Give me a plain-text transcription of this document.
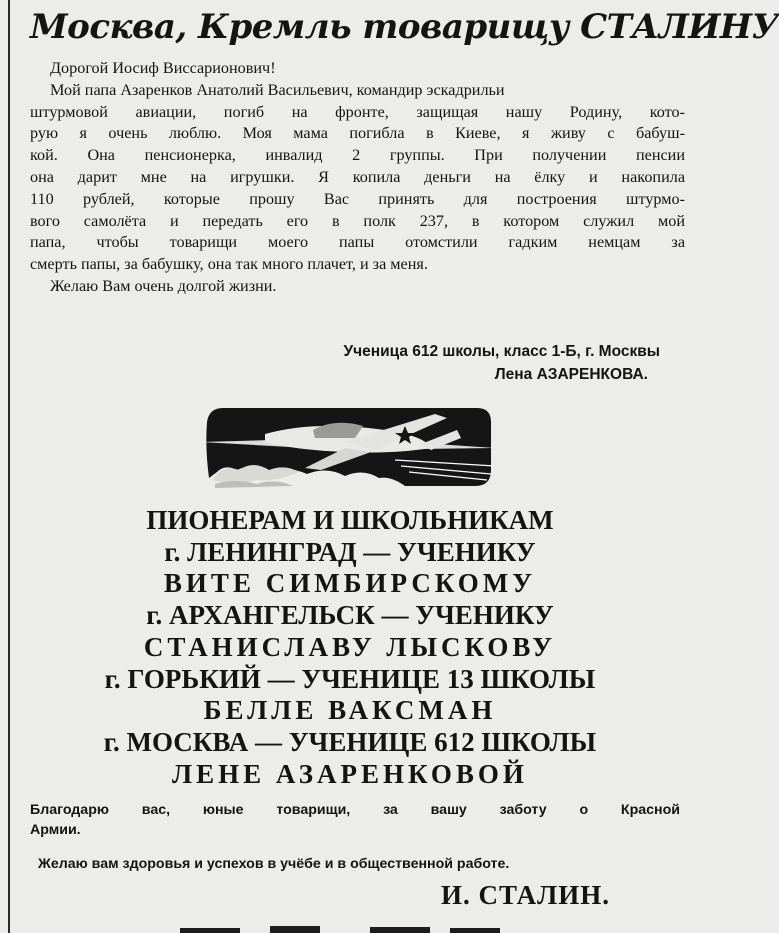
Москва, Кремль товарищу СТАЛИНУ
Дорогой Иосиф Виссарионович!
Мой папа Азаренков Анатолий Васильевич, командир эскадрильи
штурмовой авиации, погиб на фронте, защищая нашу Родину, кото-
рую я очень люблю. Моя мама погибла в Киеве, я живу с бабуш-
кой. Она пенсионерка, инвалид 2 группы. При получении пенсии
она дарит мне на игрушки. Я копила деньги на ёлку и накопила
110 рублей, которые прошу Вас принять для построения штурмо-
вого самолёта и передать его в полк 237, в котором служил мой
папа, чтобы товарищи моего папы отомстили гадким немцам за
смерть папы, за бабушку, она так много плачет, и за меня.
Желаю Вам очень долгой жизни.
Ученица 612 школы, класс 1-Б, г. Москвы
Лена АЗАРЕНКОВА.
ПИОНЕРАМ И ШКОЛЬНИКАМ
г. ЛЕНИНГРАД — УЧЕНИКУ
ВИТЕ СИМБИРСКОМУ
г. АРХАНГЕЛЬСК — УЧЕНИКУ
СТАНИСЛАВУ ЛЫСКОВУ
г. ГОРЬКИЙ — УЧЕНИЦЕ 13 ШКОЛЫ
БЕЛЛЕ ВАКСМАН
г. МОСКВА — УЧЕНИЦЕ 612 ШКОЛЫ
ЛЕНЕ АЗАРЕНКОВОЙ
Благодарю вас, юные товарищи, за вашу заботу о Красной
Армии.
Желаю вам здоровья и успехов в учёбе и в общественной работе.
И. СТАЛИН.
